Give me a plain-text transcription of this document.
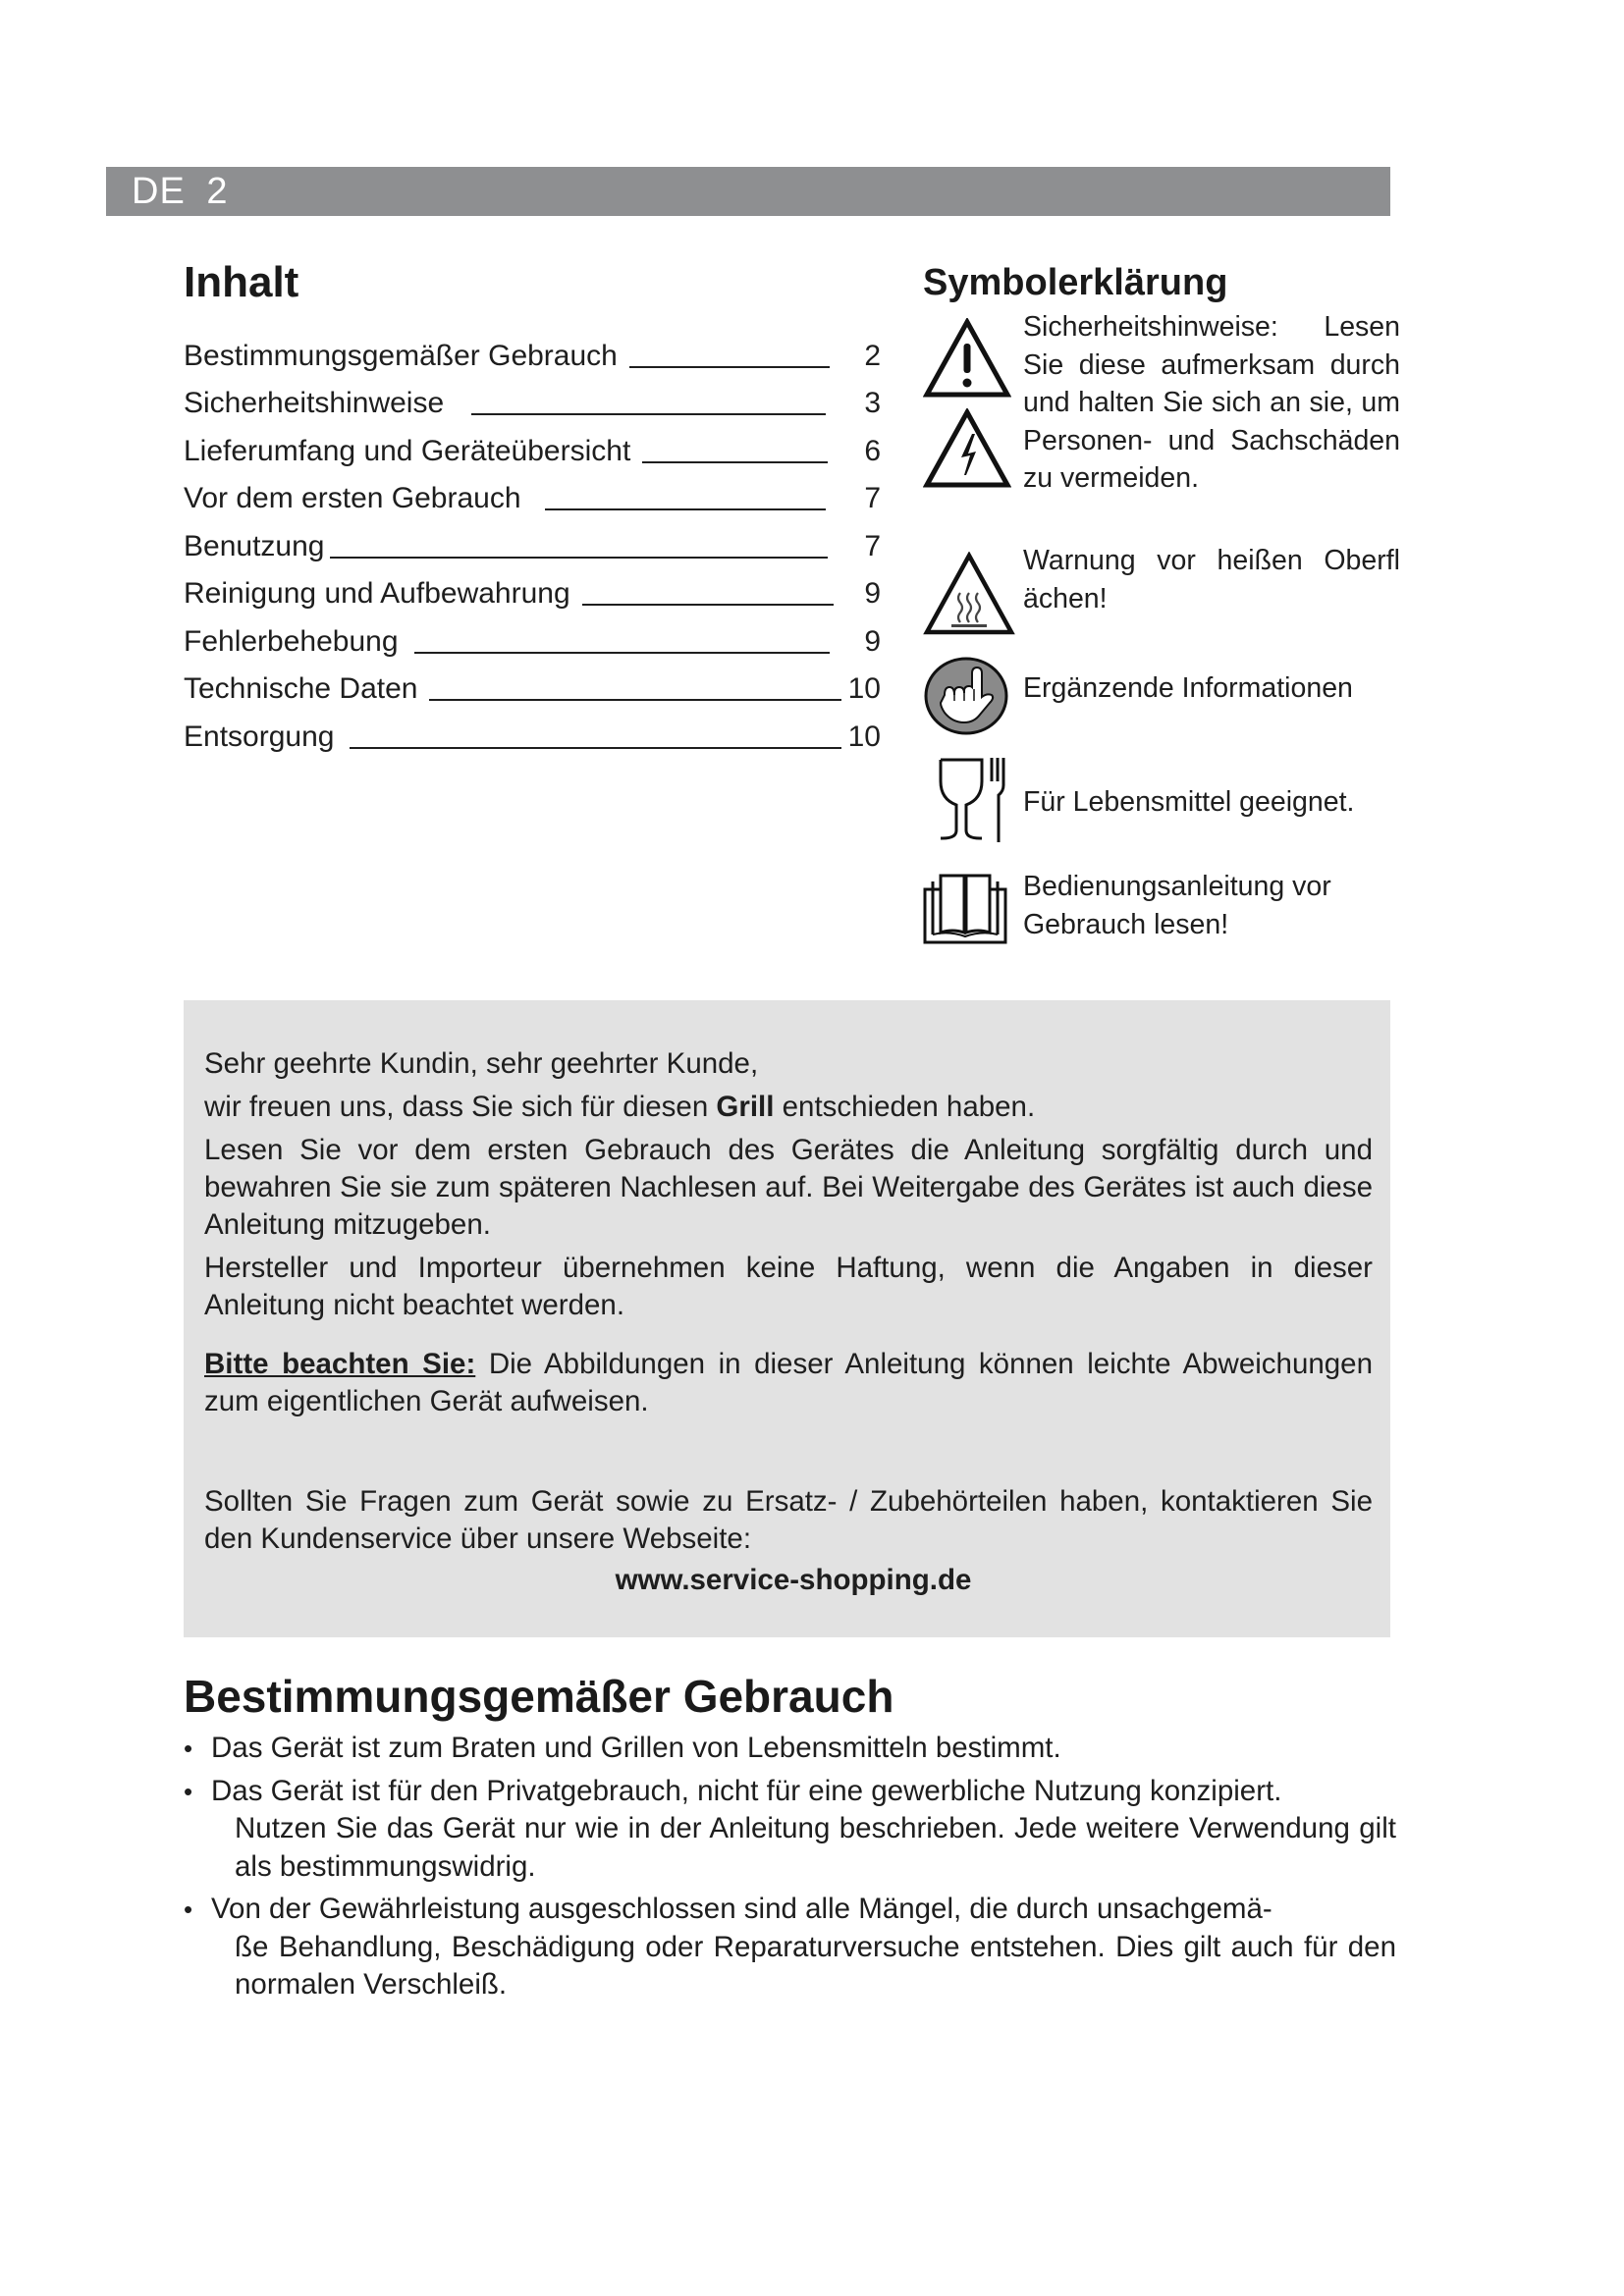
DE 2
Inhalt
Bestimmungsgemäßer Gebrauch	2
Sicherheitshinweise	3
Lieferumfang und Geräteübersicht	6
Vor dem ersten Gebrauch	7
Benutzung	7
Reinigung und Aufbewahrung	9
Fehlerbehebung	9
Technische Daten	10
Entsorgung	10
Symbolerklärung
Sicherheitshinweise: Lesen Sie diese aufmerksam durch und halten Sie sich an sie, um Personen- und Sachschäden zu vermeiden.
Warnung vor heißen Oberfl ächen!
Ergänzende Informationen
Für Lebensmittel geeignet.
Bedienungsanleitung vor Gebrauch lesen!

Sehr geehrte Kundin, sehr geehrter Kunde,

wir freuen uns, dass Sie sich für diesen Grill entschieden haben.

Lesen Sie vor dem ersten Gebrauch des Gerätes die Anleitung sorgfältig durch und bewahren Sie sie zum späteren Nachlesen auf. Bei Weitergabe des Gerätes ist auch diese Anleitung mitzugeben.

Hersteller und Importeur übernehmen keine Haftung, wenn die Angaben in dieser Anleitung nicht beachtet werden.

Bitte beachten Sie: Die Abbildungen in dieser Anleitung können leichte Abweichungen zum eigentlichen Gerät aufweisen.

Sollten Sie Fragen zum Gerät sowie zu Ersatz- / Zubehörteilen haben, kontaktieren Sie den Kundenservice über unsere Webseite:

www.service-shopping.de
Bestimmungsgemäßer Gebrauch
• Das Gerät ist zum Braten und Grillen von Lebensmitteln bestimmt.
• Das Gerät ist für den Privatgebrauch, nicht für eine gewerbliche Nutzung konzipiert.
Nutzen Sie das Gerät nur wie in der Anleitung beschrieben. Jede weitere Verwendung gilt als bestimmungswidrig.
• Von der Gewährleistung ausgeschlossen sind alle Mängel, die durch unsachgemä-
ße Behandlung, Beschädigung oder Reparaturversuche entstehen. Dies gilt auch für den normalen Verschleiß.
